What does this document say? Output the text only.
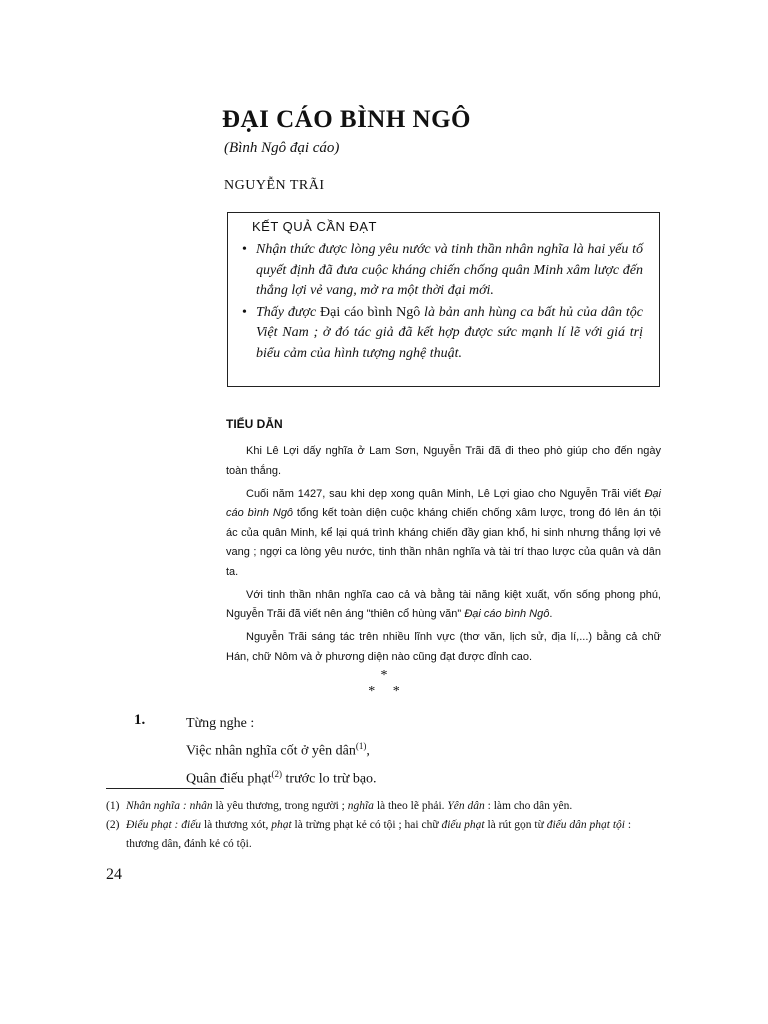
ĐẠI CÁO BÌNH NGÔ
(Bình Ngô đại cáo)
NGUYỄN TRÃI
KẾT QUẢ CẦN ĐẠT
• Nhận thức được lòng yêu nước và tinh thần nhân nghĩa là hai yếu tố quyết định đã đưa cuộc kháng chiến chống quân Minh xâm lược đến thắng lợi vẻ vang, mở ra một thời đại mới.
• Thấy được Đại cáo bình Ngô là bản anh hùng ca bất hủ của dân tộc Việt Nam ; ở đó tác giả đã kết hợp được sức mạnh lí lẽ với giá trị biểu cảm của hình tượng nghệ thuật.
TIỂU DẪN

Khi Lê Lợi dấy nghĩa ở Lam Sơn, Nguyễn Trãi đã đi theo phò giúp cho đến ngày toàn thắng.

Cuối năm 1427, sau khi dẹp xong quân Minh, Lê Lợi giao cho Nguyễn Trãi viết Đại cáo bình Ngô tổng kết toàn diện cuộc kháng chiến chống xâm lược, trong đó lên án tội ác của quân Minh, kể lại quá trình kháng chiến đầy gian khổ, hi sinh nhưng thắng lợi vẻ vang ; ngợi ca lòng yêu nước, tinh thần nhân nghĩa và tài trí thao lược của quân và dân ta.

Với tinh thần nhân nghĩa cao cả và bằng tài năng kiệt xuất, vốn sống phong phú, Nguyễn Trãi đã viết nên áng "thiên cổ hùng văn" Đại cáo bình Ngô.

Nguyễn Trãi sáng tác trên nhiều lĩnh vực (thơ văn, lịch sử, địa lí,...) bằng cả chữ Hán, chữ Nôm và ở phương diện nào cũng đạt được đỉnh cao.

*
*     *
1.	Từng nghe :
Việc nhân nghĩa cốt ở yên dân$^{(1)}$,
Quân điếu phạt$^{(2)}$ trước lo trừ bạo.
(1) Nhân nghĩa : nhân là yêu thương, trong người ; nghĩa là theo lẽ phải. Yên dân : làm cho dân yên.
(2) Điếu phạt : điếu là thương xót, phạt là trừng phạt kẻ có tội ; hai chữ điếu phạt là rút gọn từ điếu dân phạt tội : thương dân, đánh kẻ có tội.
24
